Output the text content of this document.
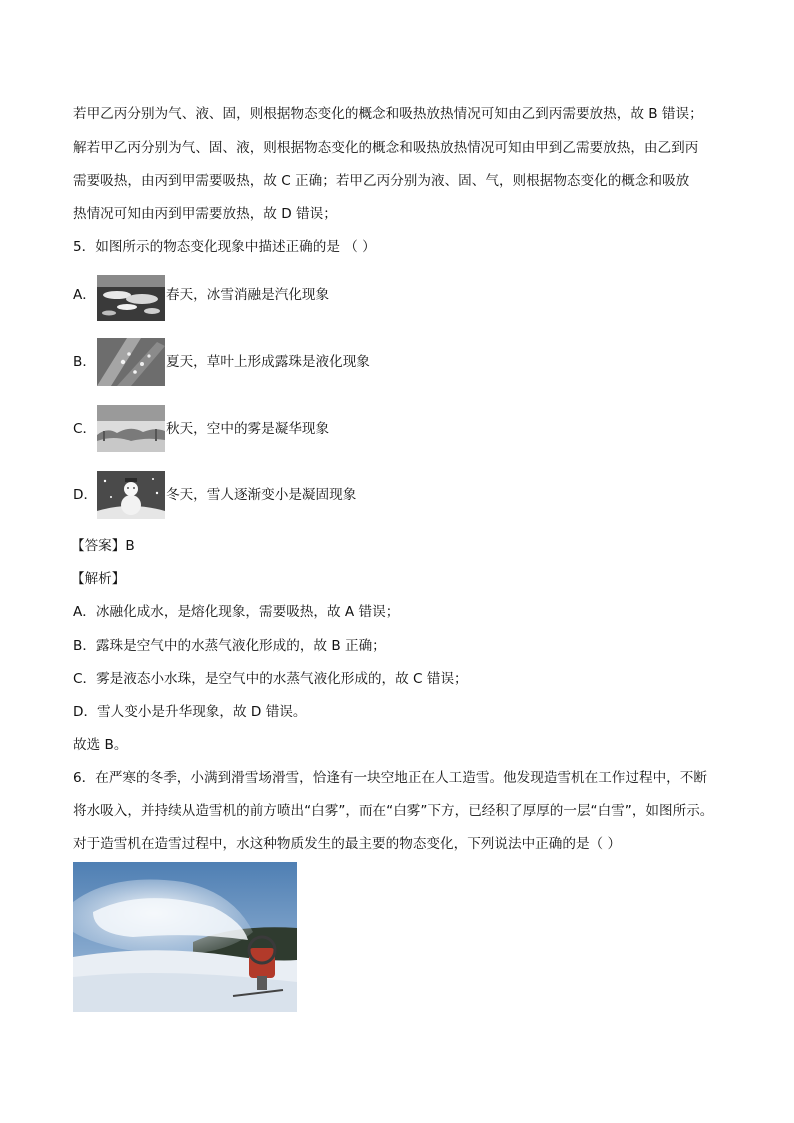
若甲乙丙分别为气、液、固，则根据物态变化的概念和吸热放热情况可知由乙到丙需要放热，故 B 错误；
解若甲乙丙分别为气、固、液，则根据物态变化的概念和吸热放热情况可知由甲到乙需要放热，由乙到丙
需要吸热，由丙到甲需要吸热，故 C 正确；若甲乙丙分别为液、固、气，则根据物态变化的概念和吸放
热情况可知由丙到甲需要放热，故 D 错误；
5．如图所示的物态变化现象中描述正确的是 （ ）
A．	春天，冰雪消融是汽化现象
B．	夏天，草叶上形成露珠是液化现象
C．	秋天，空中的雾是凝华现象
D．	冬天，雪人逐渐变小是凝固现象
【答案】B
【解析】
A．冰融化成水，是熔化现象，需要吸热，故 A 错误；
B．露珠是空气中的水蒸气液化形成的，故 B 正确；
C．雾是液态小水珠，是空气中的水蒸气液化形成的，故 C 错误；
D．雪人变小是升华现象，故 D 错误。
故选 B。
6．在严寒的冬季，小满到滑雪场滑雪，恰逢有一块空地正在人工造雪。他发现造雪机在工作过程中，不断
将水吸入，并持续从造雪机的前方喷出“白雾”，而在“白雾”下方，已经积了厚厚的一层“白雪”，如图所示。
对于造雪机在造雪过程中，水这种物质发生的最主要的物态变化，下列说法中正确的是（ ）
